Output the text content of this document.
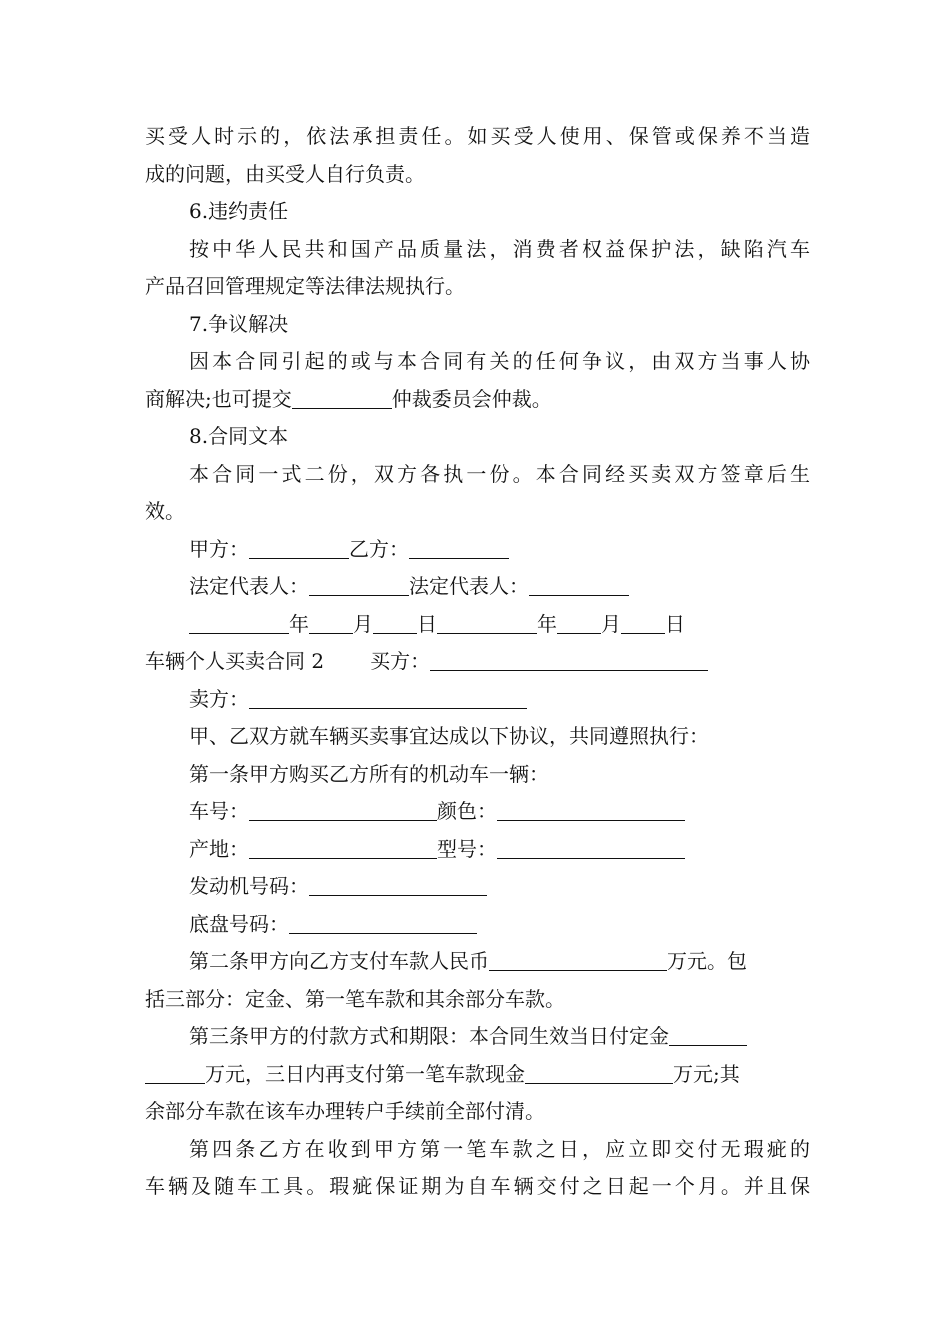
买受人时示的，依法承担责任。如买受人使用、保管或保养不当造
成的问题，由买受人自行负责。
6.违约责任
按中华人民共和国产品质量法，消费者权益保护法，缺陷汽车
产品召回管理规定等法律法规执行。
7.争议解决
因本合同引起的或与本合同有关的任何争议，由双方当事人协
商解决;也可提交	仲裁委员会仲裁。
8.合同文本
本合同一式二份，双方各执一份。本合同经买卖双方签章后生
效。
甲方：	乙方：
法定代表人：	法定代表人：
年 月 日	年 月 日
车辆个人买卖合同 2 买方：
卖方：
甲、乙双方就车辆买卖事宜达成以下协议，共同遵照执行：
第一条甲方购买乙方所有的机动车一辆：
车号：	颜色：
产地：	型号：
发动机号码：
底盘号码：
第二条甲方向乙方支付车款人民币	万元。包
括三部分：定金、第一笔车款和其余部分车款。
第三条甲方的付款方式和期限：本合同生效当日付定金
万元，三日内再支付第一笔车款现金	万元;其
余部分车款在该车办理转户手续前全部付清。
第四条乙方在收到甲方第一笔车款之日，应立即交付无瑕疵的
车辆及随车工具。瑕疵保证期为自车辆交付之日起一个月。并且保
